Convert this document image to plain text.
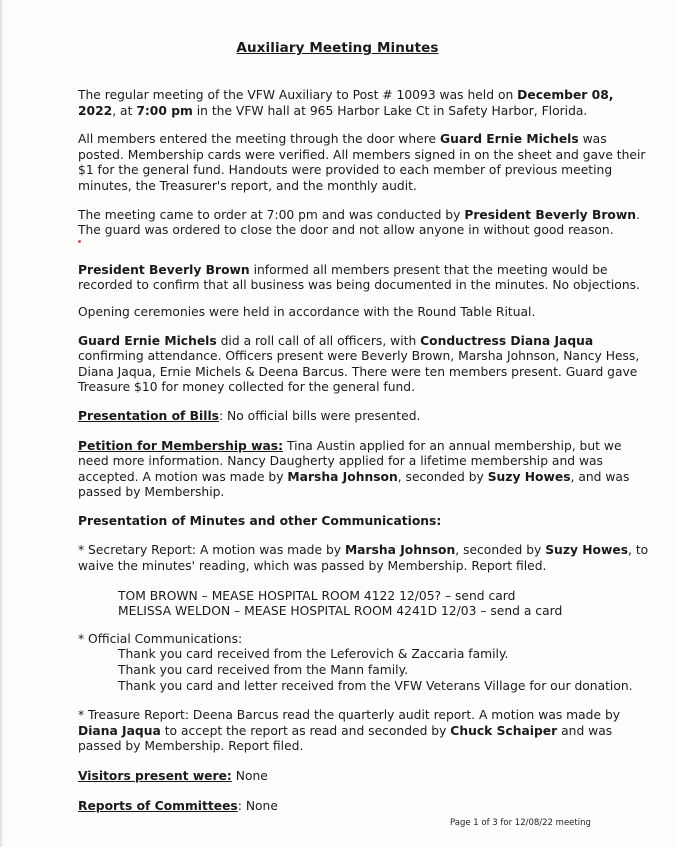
Auxiliary Meeting Minutes

The regular meeting of the VFW Auxiliary to Post # 10093 was held on December 08, 2022, at 7:00 pm in the VFW hall at 965 Harbor Lake Ct in Safety Harbor, Florida.

All members entered the meeting through the door where Guard Ernie Michels was posted. Membership cards were verified. All members signed in on the sheet and gave their $1 for the general fund. Handouts were provided to each member of previous meeting minutes, the Treasurer's report, and the monthly audit.

The meeting came to order at 7:00 pm and was conducted by President Beverly Brown. The guard was ordered to close the door and not allow anyone in without good reason.

President Beverly Brown informed all members present that the meeting would be recorded to confirm that all business was being documented in the minutes. No objections.

Opening ceremonies were held in accordance with the Round Table Ritual.

Guard Ernie Michels did a roll call of all officers, with Conductress Diana Jaqua confirming attendance. Officers present were Beverly Brown, Marsha Johnson, Nancy Hess, Diana Jaqua, Ernie Michels & Deena Barcus. There were ten members present. Guard gave Treasure $10 for money collected for the general fund.

Presentation of Bills: No official bills were presented.

Petition for Membership was: Tina Austin applied for an annual membership, but we need more information. Nancy Daugherty applied for a lifetime membership and was accepted. A motion was made by Marsha Johnson, seconded by Suzy Howes, and was passed by Membership.

Presentation of Minutes and other Communications:

* Secretary Report: A motion was made by Marsha Johnson, seconded by Suzy Howes, to waive the minutes' reading, which was passed by Membership. Report filed.

TOM BROWN – MEASE HOSPITAL ROOM 4122 12/05? – send card

MELISSA WELDON – MEASE HOSPITAL ROOM 4241D 12/03 – send a card

* Official Communications:

Thank you card received from the Leferovich & Zaccaria family.

Thank you card received from the Mann family.

Thank you card and letter received from the VFW Veterans Village for our donation.

* Treasure Report: Deena Barcus read the quarterly audit report. A motion was made by Diana Jaqua to accept the report as read and seconded by Chuck Schaiper and was passed by Membership. Report filed.

Visitors present were: None

Reports of Committees: None

Page 1 of 3 for 12/08/22 meeting
